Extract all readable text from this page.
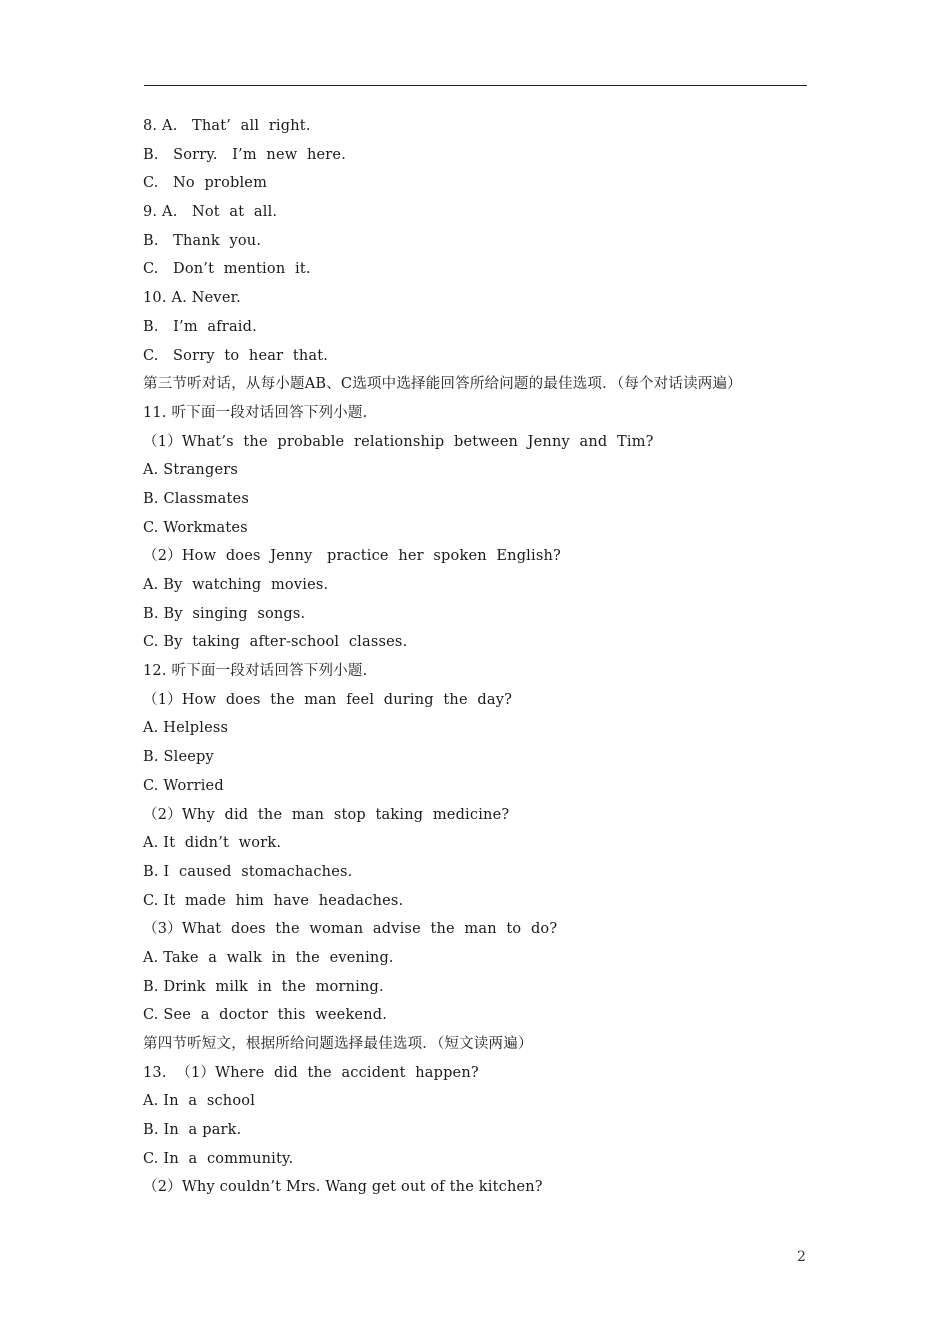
8. A.   That’  all  right.
B.   Sorry.   I’m  new  here.
C.   No  problem
9. A.   Not  at  all.
B.   Thank  you.
C.   Don’t  mention  it.
10. A. Never.
B.   I’m  afraid.
C.   Sorry  to  hear  that.
第三节听对话，从每小题AB、C选项中选择能回答所给问题的最佳选项．（每个对话读两遍）
11. 听下面一段对话回答下列小题.
（1）What’s  the  probable  relationship  between  Jenny  and  Tim?
A. Strangers
B. Classmates
C. Workmates
（2）How  does  Jenny   practice  her  spoken  English?
A. By  watching  movies.
B. By  singing  songs.
C. By  taking  after-school  classes.
12. 听下面一段对话回答下列小题.
（1）How  does  the  man  feel  during  the  day?
A. Helpless
B. Sleepy
C. Worried
（2）Why  did  the  man  stop  taking  medicine?
A. It  didn’t  work.
B. I  caused  stomachaches.
C. It  made  him  have  headaches.
（3）What  does  the  woman  advise  the  man  to  do?
A. Take  a  walk  in  the  evening.
B. Drink  milk  in  the  morning.
C. See  a  doctor  this  weekend.
第四节听短文，根据所给问题选择最佳选项．（短文读两遍）
13.  （1）Where  did  the  accident  happen?
A. In  a  school
B. In  a park.
C. In  a  community.
（2）Why couldn’t Mrs. Wang get out of the kitchen?
2
